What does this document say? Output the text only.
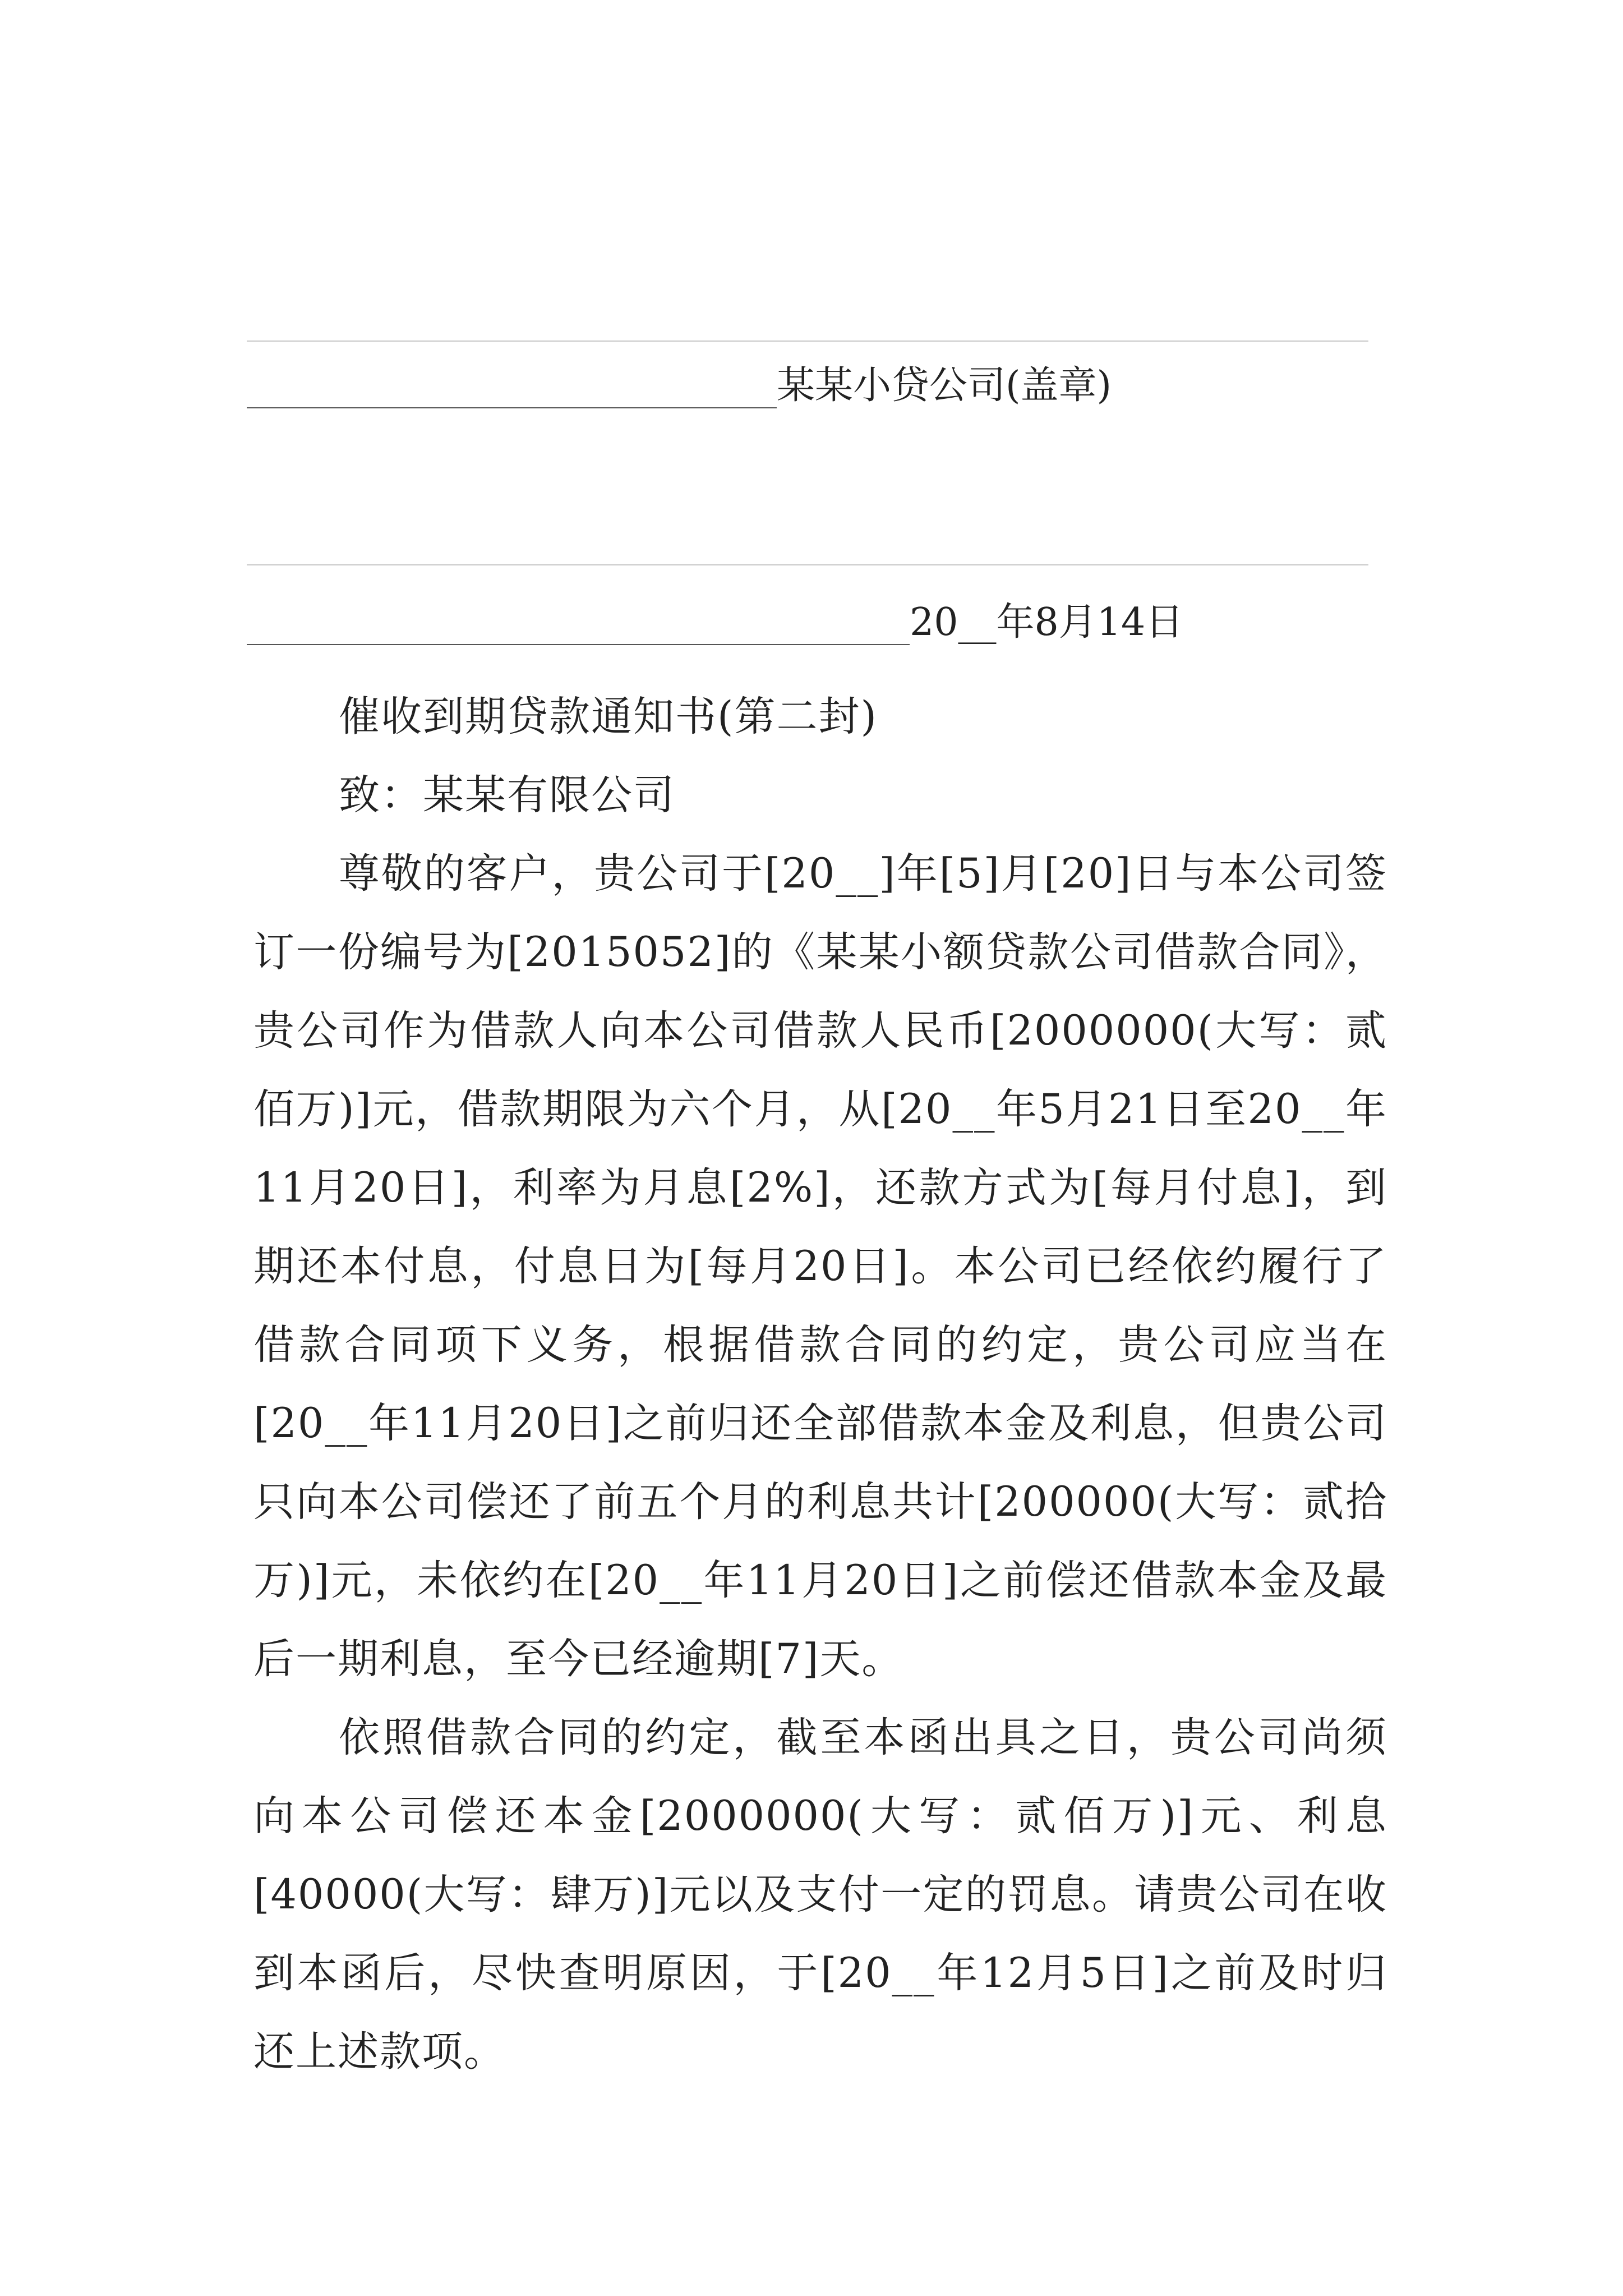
某某小贷公司(盖章)
20__年8月14日

催收到期贷款通知书(第二封)

致：某某有限公司

尊敬的客户，贵公司于[20__]年[5]月[20]日与本公司签订一份编号为[2015052]的《某某小额贷款公司借款合同》，贵公司作为借款人向本公司借款人民币[2000000(大写：贰佰万)]元，借款期限为六个月，从[20__年5月21日至20__年11月20日]，利率为月息[2%]，还款方式为[每月付息]，到期还本付息，付息日为[每月20日]。本公司已经依约履行了借款合同项下义务，根据借款合同的约定，贵公司应当在[20__年11月20日]之前归还全部借款本金及利息，但贵公司只向本公司偿还了前五个月的利息共计[200000(大写：贰拾万)]元，未依约在[20__年11月20日]之前偿还借款本金及最后一期利息，至今已经逾期[7]天。

依照借款合同的约定，截至本函出具之日，贵公司尚须向本公司偿还本金[2000000(大写：贰佰万)]元、利息[40000(大写：肆万)]元以及支付一定的罚息。请贵公司在收到本函后，尽快查明原因，于[20__年12月5日]之前及时归还上述款项。
